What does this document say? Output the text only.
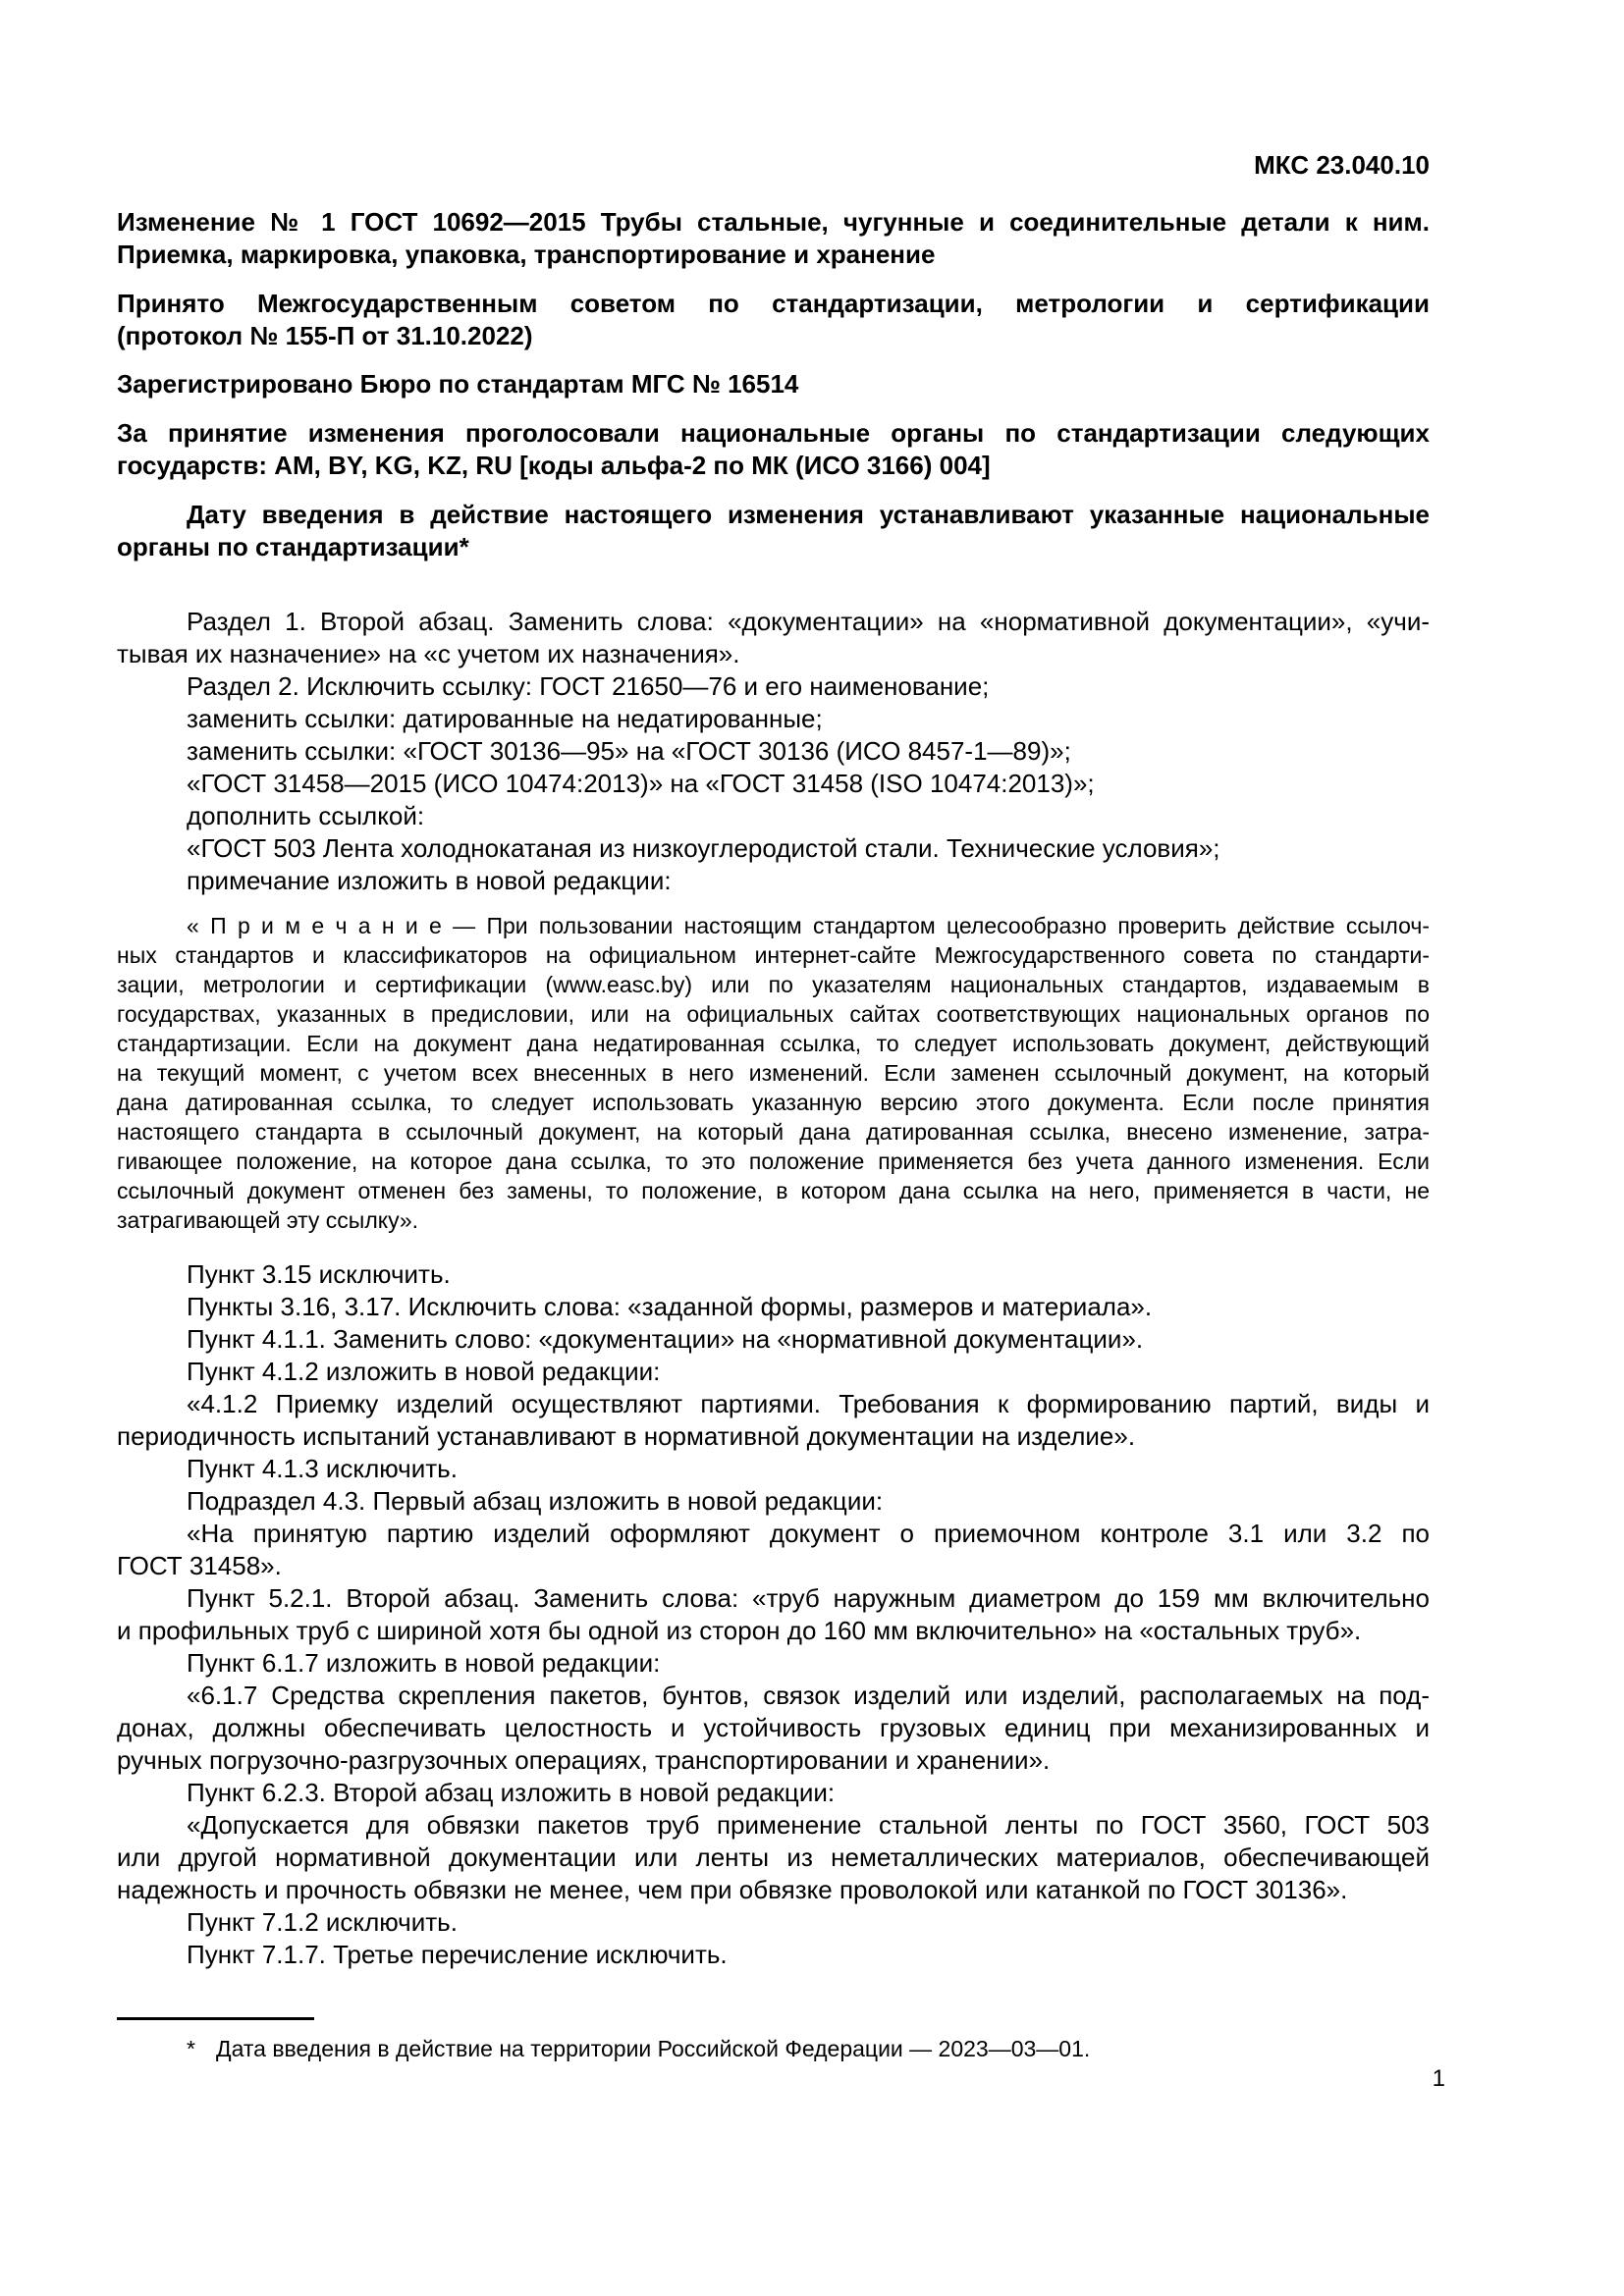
МКС 23.040.10

Изменение № 1 ГОСТ 10692—2015 Трубы стальные, чугунные и соединительные детали к ним.
Приемка, маркировка, упаковка, транспортирование и хранение
Принято Межгосударственным советом по стандартизации, метрологии и сертификации
(протокол № 155-П от 31.10.2022)
Зарегистрировано Бюро по стандартам МГС № 16514
За принятие изменения проголосовали национальные органы по стандартизации следующих
государств: AM, BY, KG, KZ, RU [коды альфа-2 по МК (ИСО 3166) 004]
Дату введения в действие настоящего изменения устанавливают указанные национальные
органы по стандартизации*
Раздел 1. Второй абзац. Заменить слова: «документации» на «нормативной документации», «учи-
тывая их назначение» на «с учетом их назначения».
Раздел 2. Исключить ссылку: ГОСТ 21650—76 и его наименование;
заменить ссылки: датированные на недатированные;
заменить ссылки: «ГОСТ 30136—95» на «ГОСТ 30136 (ИСО 8457-1—89)»;
«ГОСТ 31458—2015 (ИСО 10474:2013)» на «ГОСТ 31458 (ISO 10474:2013)»;
дополнить ссылкой:
«ГОСТ 503 Лента холоднокатаная из низкоуглеродистой стали. Технические условия»;
примечание изложить в новой редакции:
« П р и м е ч а н и е — При пользовании настоящим стандартом целесообразно проверить действие ссылоч-
ных стандартов и классификаторов на официальном интернет-сайте Межгосударственного совета по стандарти-
зации, метрологии и сертификации (www.easc.by) или по указателям национальных стандартов, издаваемым в
государствах, указанных в предисловии, или на официальных сайтах соответствующих национальных органов по
стандартизации. Если на документ дана недатированная ссылка, то следует использовать документ, действующий
на текущий момент, с учетом всех внесенных в него изменений. Если заменен ссылочный документ, на который
дана датированная ссылка, то следует использовать указанную версию этого документа. Если после принятия
настоящего стандарта в ссылочный документ, на который дана датированная ссылка, внесено изменение, затра-
гивающее положение, на которое дана ссылка, то это положение применяется без учета данного изменения. Если
ссылочный документ отменен без замены, то положение, в котором дана ссылка на него, применяется в части, не
затрагивающей эту ссылку».
Пункт 3.15 исключить.
Пункты 3.16, 3.17. Исключить слова: «заданной формы, размеров и материала».
Пункт 4.1.1. Заменить слово: «документации» на «нормативной документации».
Пункт 4.1.2 изложить в новой редакции:
«4.1.2 Приемку изделий осуществляют партиями. Требования к формированию партий, виды и
периодичность испытаний устанавливают в нормативной документации на изделие».
Пункт 4.1.3 исключить.
Подраздел 4.3. Первый абзац изложить в новой редакции:
«На принятую партию изделий оформляют документ о приемочном контроле 3.1 или 3.2 по
ГОСТ 31458».
Пункт 5.2.1. Второй абзац. Заменить слова: «труб наружным диаметром до 159 мм включительно
и профильных труб с шириной хотя бы одной из сторон до 160 мм включительно» на «остальных труб».
Пункт 6.1.7 изложить в новой редакции:
«6.1.7 Средства скрепления пакетов, бунтов, связок изделий или изделий, располагаемых на под-
донах, должны обеспечивать целостность и устойчивость грузовых единиц при механизированных и
ручных погрузочно-разгрузочных операциях, транспортировании и хранении».
Пункт 6.2.3. Второй абзац изложить в новой редакции:
«Допускается для обвязки пакетов труб применение стальной ленты по ГОСТ 3560, ГОСТ 503
или другой нормативной документации или ленты из неметаллических материалов, обеспечивающей
надежность и прочность обвязки не менее, чем при обвязке проволокой или катанкой по ГОСТ 30136».
Пункт 7.1.2 исключить.
Пункт 7.1.7. Третье перечисление исключить.

* Дата введения в действие на территории Российской Федерации — 2023—03—01.

1
